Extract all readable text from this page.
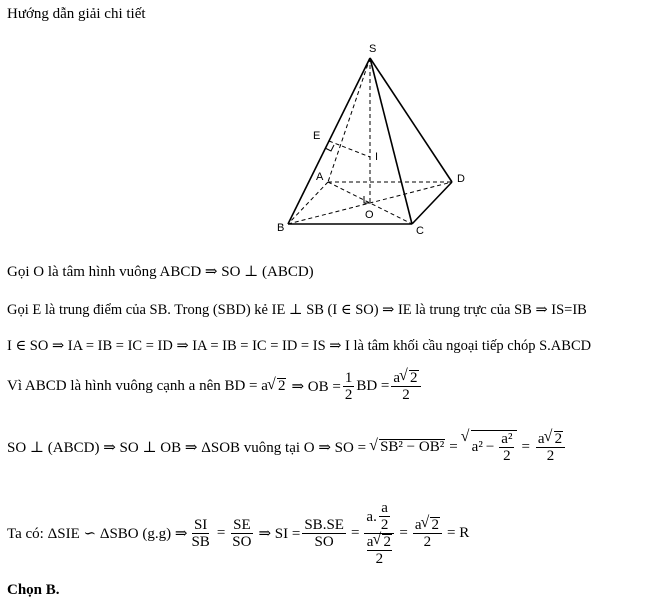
Hướng dẫn giải chi tiết
S
E
I
A	D
O
B	C
Gọi O là tâm hình vuông ABCD ⇒ SO ⊥ (ABCD)
Gọi E là trung điểm của SB. Trong (SBD) kẻ IE ⊥ SB (I ∈ SO) ⇒ IE là trung trực của SB ⇒ IS=IB
I ∈ SO ⇒ IA = IB = IC = ID ⇒ IA = IB = IC = ID = IS ⇒ I là tâm khối cầu ngoại tiếp chóp S.ABCD
Vì ABCD là hình vuông cạnh a nên BD = a √ 2 ⇒ OB = $\frac{1}{2}$ BD = $\frac{a √ 2}{2}$
SO ⊥ (ABCD) ⇒ SO ⊥ OB ⇒ ΔSOB vuông tại O ⇒ SO = √ SB² − OB² = √ $a^2 - \frac{\text{a²}}{2} = \frac{a √ 2}{2}$
Ta có: ΔSIE ∽ ΔSBO (g.g) ⇒ $\frac{SI}{SB} = \frac{SE}{SO}$ ⇒ SI = $\frac{SB.SE}{SO} = a$. $\frac{a}{2}$
a √ 2
$2 = \frac{a √ 2}{2} = R$
Chọn B.
